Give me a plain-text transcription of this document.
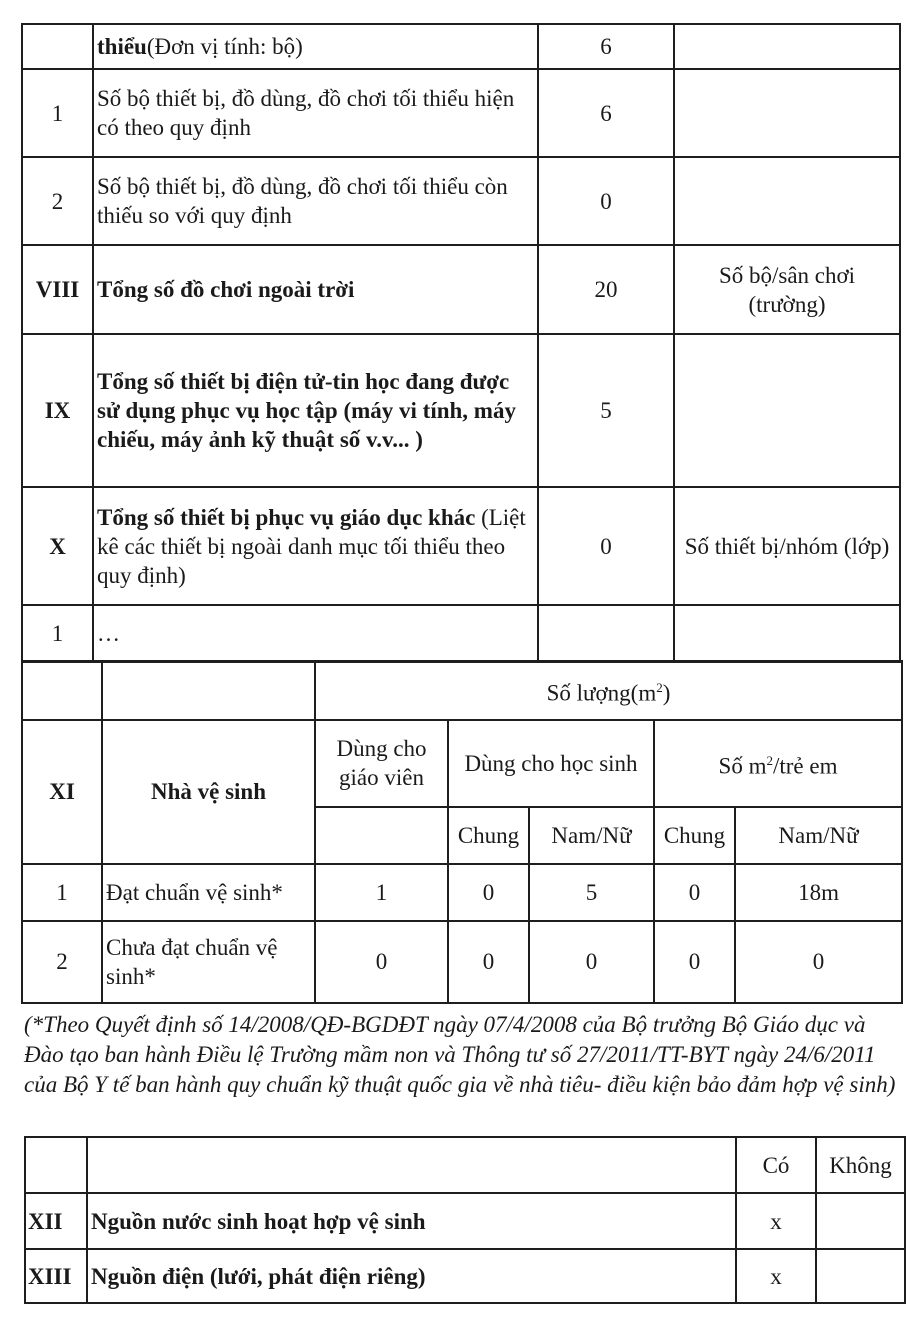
	thiểu(Đơn vị tính: bộ)	6	
1	Số bộ thiết bị, đồ dùng, đồ chơi tối thiểu hiện có theo quy định	6	
2	Số bộ thiết bị, đồ dùng, đồ chơi tối thiểu còn thiếu so với quy định	0	
VIII	Tổng số đồ chơi ngoài trời	20	Số bộ/sân chơi (trường)
IX	Tổng số thiết bị điện tử-tin học đang được sử dụng phục vụ học tập (máy vi tính, máy chiếu, máy ảnh kỹ thuật số v.v... )	5	
X	Tổng số thiết bị phục vụ giáo dục khác (Liệt kê các thiết bị ngoài danh mục tối thiểu theo quy định)	0	Số thiết bị/nhóm (lớp)
1	…		
		Số $lượng(m^2)$				
XI	Nhà vệ sinh	Dùng cho giáo viên	Dùng cho học sinh		Số $m^2$/trẻ em	
			Chung	Nam/Nữ	Chung	Nam/Nữ
1	Đạt chuẩn vệ sinh*	1	0	5	0	18m
2	Chưa đạt chuẩn vệ sinh*	0	0	0	0	0
(*Theo Quyết định số 14/2008/QĐ-BGDĐT ngày 07/4/2008 của Bộ trưởng Bộ Giáo dục và Đào tạo ban hành Điều lệ Trường mầm non và Thông tư số 27/2011/TT-BYT ngày 24/6/2011 của Bộ Y tế ban hành quy chuẩn kỹ thuật quốc gia về nhà tiêu- điều kiện bảo đảm hợp vệ sinh)
		Có	Không
XII	Nguồn nước sinh hoạt hợp vệ sinh	x	
XIII	Nguồn điện (lưới, phát điện riêng)	x	
